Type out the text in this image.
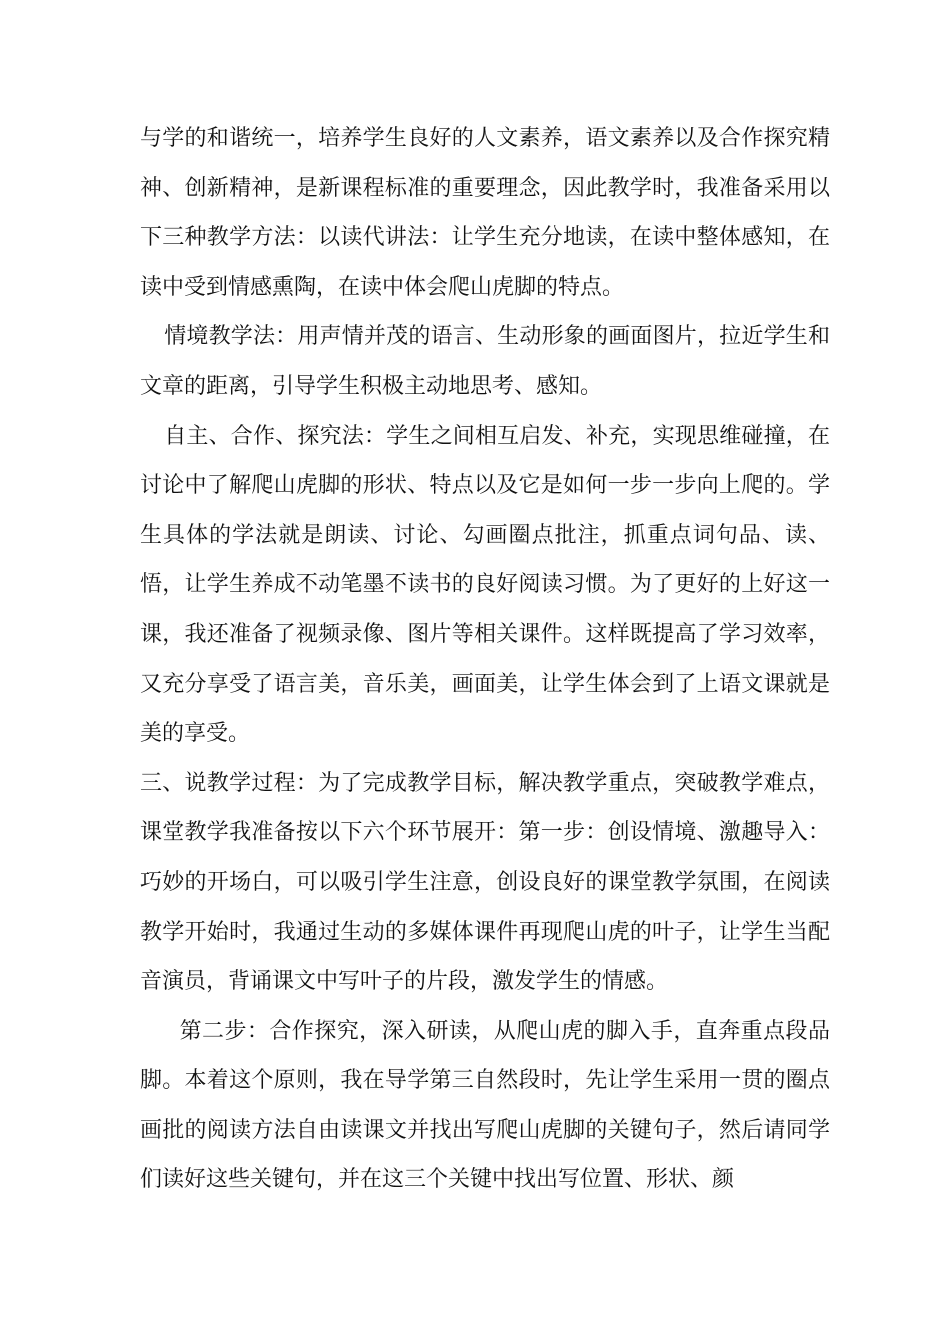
与学的和谐统一，培养学生良好的人文素养，语文素养以及合作探究精神、创新精神，是新课程标准的重要理念，因此教学时，我准备采用以下三种教学方法：以读代讲法：让学生充分地读，在读中整体感知，在读中受到情感熏陶，在读中体会爬山虎脚的特点。

情境教学法：用声情并茂的语言、生动形象的画面图片，拉近学生和文章的距离，引导学生积极主动地思考、感知。

自主、合作、探究法：学生之间相互启发、补充，实现思维碰撞，在讨论中了解爬山虎脚的形状、特点以及它是如何一步一步向上爬的。学生具体的学法就是朗读、讨论、勾画圈点批注，抓重点词句品、读、悟，让学生养成不动笔墨不读书的良好阅读习惯。为了更好的上好这一课，我还准备了视频录像、图片等相关课件。这样既提高了学习效率，又充分享受了语言美，音乐美，画面美，让学生体会到了上语文课就是美的享受。

三、说教学过程：为了完成教学目标，解决教学重点，突破教学难点，课堂教学我准备按以下六个环节展开：第一步：创设情境、激趣导入：巧妙的开场白，可以吸引学生注意，创设良好的课堂教学氛围，在阅读教学开始时，我通过生动的多媒体课件再现爬山虎的叶子，让学生当配音演员，背诵课文中写叶子的片段，激发学生的情感。

第二步：合作探究，深入研读，从爬山虎的脚入手，直奔重点段品脚。本着这个原则，我在导学第三自然段时，先让学生采用一贯的圈点画批的阅读方法自由读课文并找出写爬山虎脚的关键句子，然后请同学们读好这些关键句，并在这三个关键中找出写位置、形状、颜
